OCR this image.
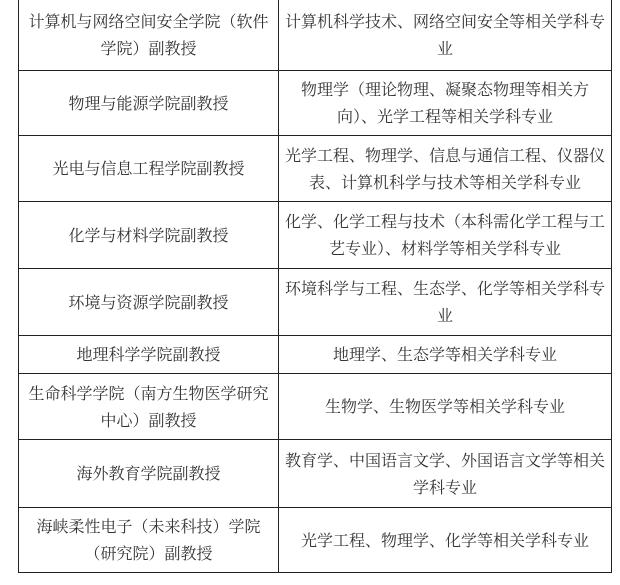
计算机与网络空间安全学院（软件学院）副教授	计算机科学技术、网络空间安全等相关学科专业
物理与能源学院副教授	物理学（理论物理、凝聚态物理等相关方向）、光学工程等相关学科专业
光电与信息工程学院副教授	光学工程、物理学、信息与通信工程、仪器仪表、计算机科学与技术等相关学科专业
化学与材料学院副教授	化学、化学工程与技术（本科需化学工程与工艺专业）、材料学等相关学科专业
环境与资源学院副教授	环境科学与工程、生态学、化学等相关学科专业
地理科学学院副教授	地理学、生态学等相关学科专业
生命科学学院（南方生物医学研究中心）副教授	生物学、生物医学等相关学科专业
海外教育学院副教授	教育学、中国语言文学、外国语言文学等相关学科专业
海峡柔性电子（未来科技）学院（研究院）副教授	光学工程、物理学、化学等相关学科专业
